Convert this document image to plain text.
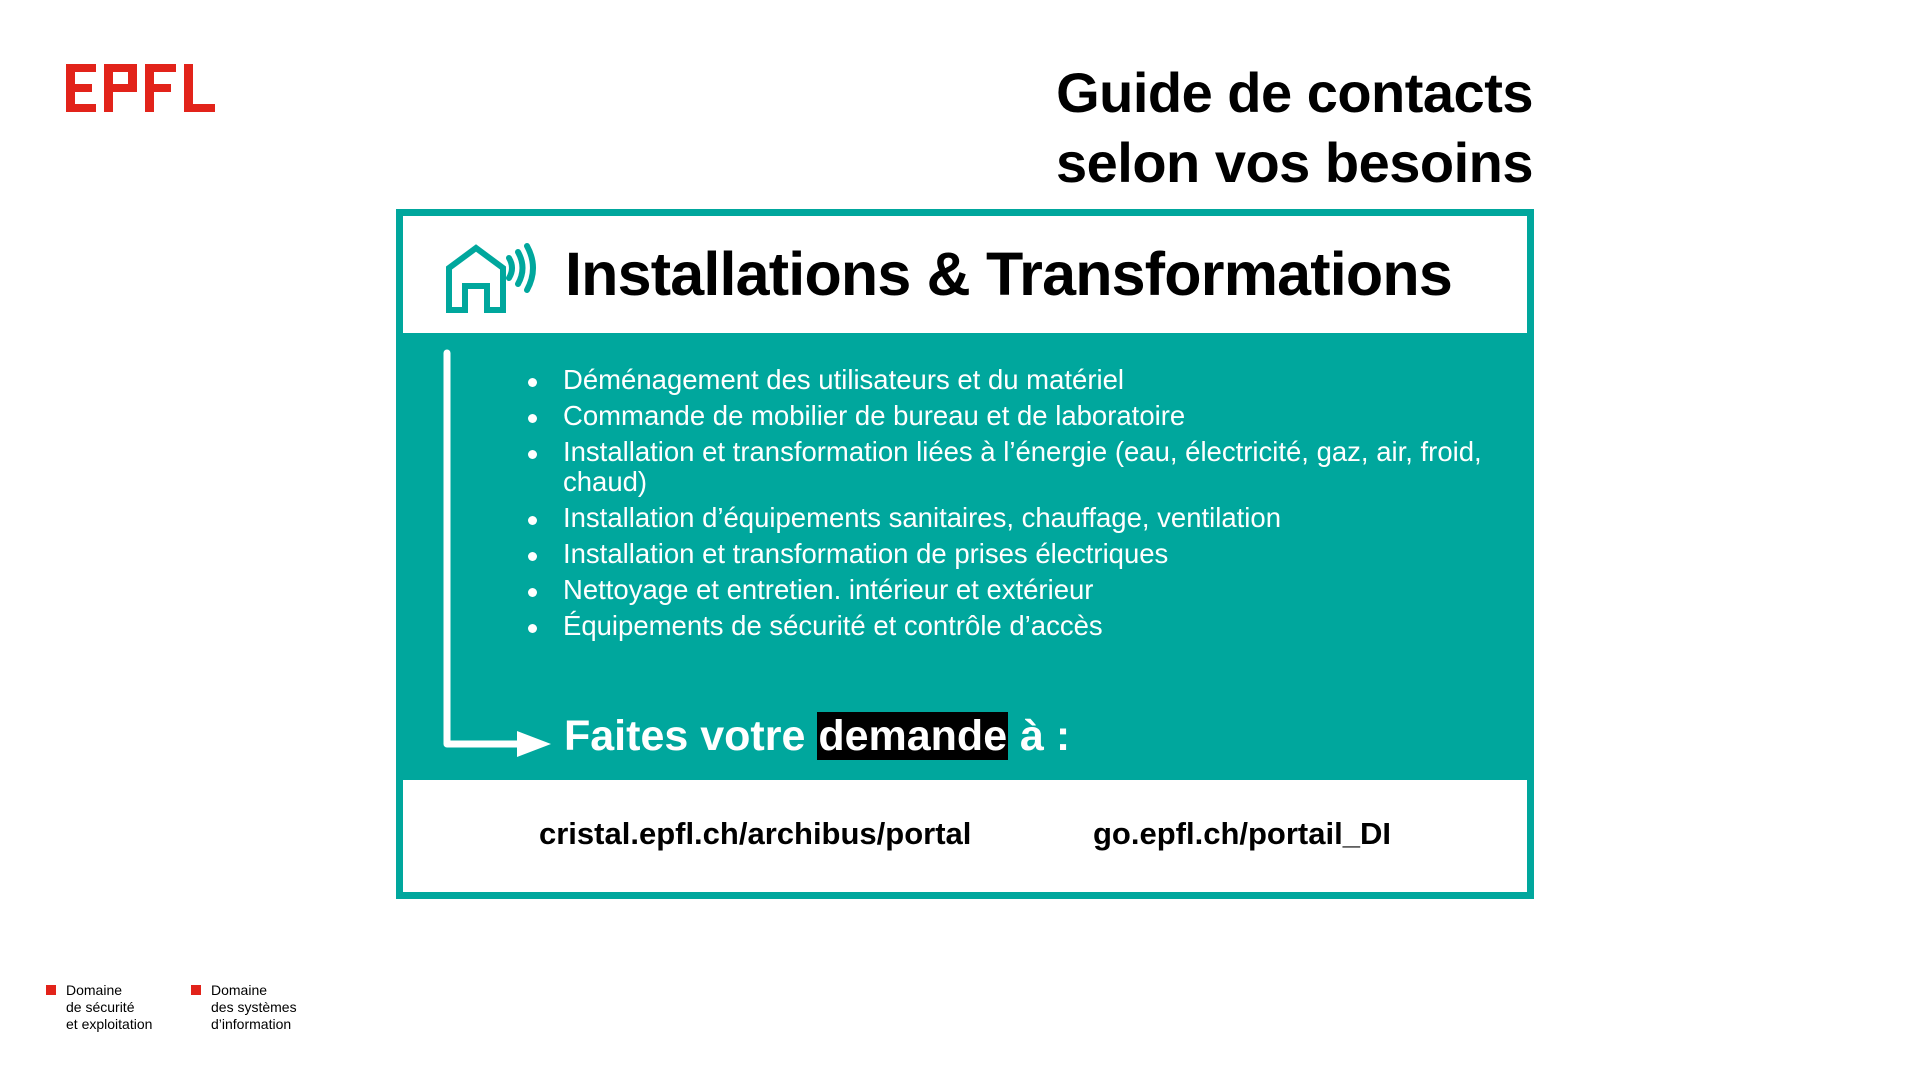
Guide de contacts
selon vos besoins
Installations & Transformations
Déménagement des utilisateurs et du matériel
Commande de mobilier de bureau et de laboratoire
Installation et transformation liées à l’énergie (eau, électricité, gaz, air, froid, chaud)
Installation d’équipements sanitaires, chauffage, ventilation
Installation et transformation de prises électriques
Nettoyage et entretien. intérieur et extérieur
Équipements de sécurité et contrôle d’accès
Faites votre demande à :
cristal.epfl.ch/archibus/portal	go.epfl.ch/portail_DI
Domaine
de sécurité
et exploitation
Domaine
des systèmes
d’information
